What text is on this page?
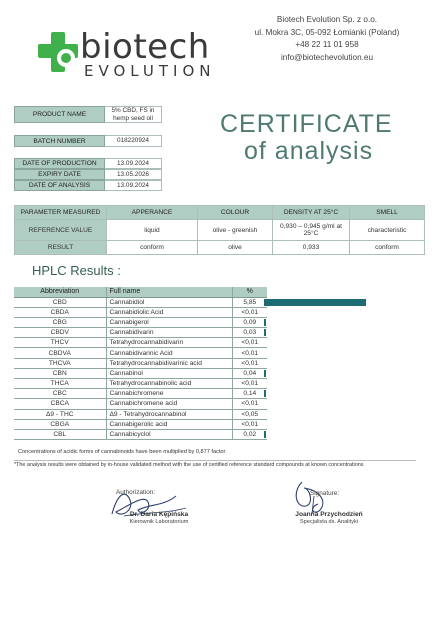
biotech
EVOLUTION
Biotech Evolution Sp. z o.o.
ul. Mokra 3C, 05-092 Łomianki (Poland)
+48 22 11 01 958
info@biotechevolution.eu
PRODUCT NAME
5% CBD, FS in hemp seed oil
BATCH NUMBER	018220924
DATE OF PRODUCTION	13.09.2024
EXPIRY DATE	13.05.2026
DATE OF ANALYSIS	13.09.2024
CERTIFICATE
of analysis
PARAMETER MEASURED	APPERANCE	COLOUR	DENSITY AT 25°C	SMELL
REFERENCE VALUE	liquid	olive - greenish	0,930 – 0,945 g/ml at 25°C	characteristic
RESULT	conform	olive	0,933	conform
HPLC Results :
Abbreviation	Full name	%
CBD	Cannabidiol	5,85
CBDA	Cannabidiolic Acid	<0,01
CBG	Cannabigerol	0,09
CBDV	Cannabidivarin	0,03
THCV	Tetrahydrocannabidivarin	<0,01
CBDVA	Cannabidivarinic Acid	<0,01
THCVA	Tetrahydrocannabidivarinic acid	<0,01
CBN	Cannabinol	0,04
THCA	Tetrahydrocannabinolic acid	<0,01
CBC	Cannabichromene	0,14
CBCA	Cannabichromene acid	<0,01
Δ9 - THC	Δ9 - Tetrahydrocannabinol	<0,05
CBGA	Cannabigerolic acid	<0,01
CBL	Cannabicyclol	0,02
Concentrations of acidic forms of cannabinoids have been multiplied by 0,877 factor
*The analysis results were obtained by in-house validated method with the use of certified reference standard compounds at known concentrations
Authorization:
Dr. Daria Kępińska
Kierownik Laboratorium
Signature:
Joanna Przychodzień
Specjalista ds. Analityki
